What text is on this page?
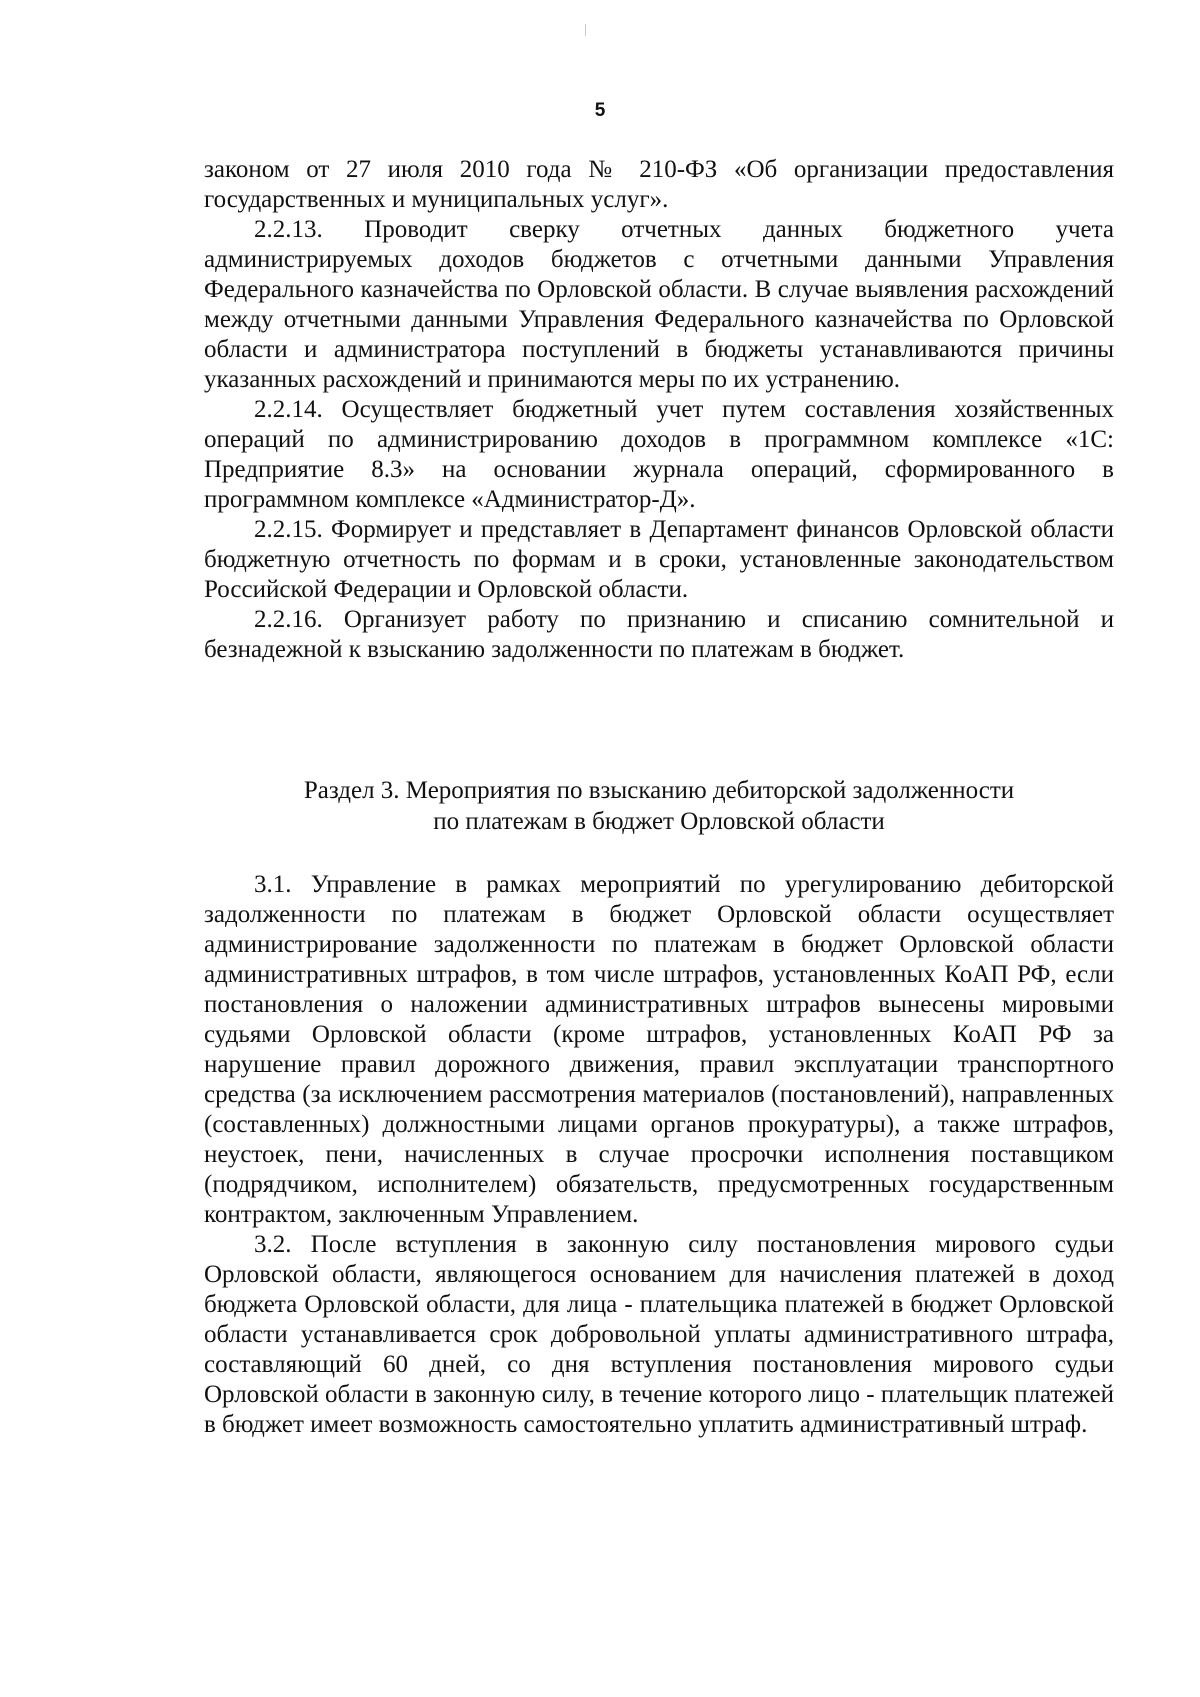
5

законом от 27 июля 2010 года № 210-ФЗ «Об организации предоставления государственных и муниципальных услуг».

2.2.13. Проводит сверку отчетных данных бюджетного учета администрируемых доходов бюджетов с отчетными данными Управления Федерального казначейства по Орловской области. В случае выявления расхождений между отчетными данными Управления Федерального казначейства по Орловской области и администратора поступлений в бюджеты устанавливаются причины указанных расхождений и принимаются меры по их устранению.

2.2.14. Осуществляет бюджетный учет путем составления хозяйственных операций по администрированию доходов в программном комплексе «1С: Предприятие 8.3» на основании журнала операций, сформированного в программном комплексе «Администратор-Д».

2.2.15. Формирует и представляет в Департамент финансов Орловской области бюджетную отчетность по формам и в сроки, установленные законодательством Российской Федерации и Орловской области.

2.2.16. Организует работу по признанию и списанию сомнительной и безнадежной к взысканию задолженности по платежам в бюджет.

Раздел 3. Мероприятия по взысканию дебиторской задолженности
по платежам в бюджет Орловской области

3.1. Управление в рамках мероприятий по урегулированию дебиторской задолженности по платежам в бюджет Орловской области осуществляет администрирование задолженности по платежам в бюджет Орловской области административных штрафов, в том числе штрафов, установленных КоАП РФ, если постановления о наложении административных штрафов вынесены мировыми судьями Орловской области (кроме штрафов, установленных КоАП РФ за нарушение правил дорожного движения, правил эксплуатации транспортного средства (за исключением рассмотрения материалов (постановлений), направленных (составленных) должностными лицами органов прокуратуры), а также штрафов, неустоек, пени, начисленных в случае просрочки исполнения поставщиком (подрядчиком, исполнителем) обязательств, предусмотренных государственным контрактом, заключенным Управлением.

3.2. После вступления в законную силу постановления мирового судьи Орловской области, являющегося основанием для начисления платежей в доход бюджета Орловской области, для лица - плательщика платежей в бюджет Орловской области устанавливается срок добровольной уплаты административного штрафа, составляющий 60 дней, со дня вступления постановления мирового судьи Орловской области в законную силу, в течение которого лицо - плательщик платежей в бюджет имеет возможность самостоятельно уплатить административный штраф.
